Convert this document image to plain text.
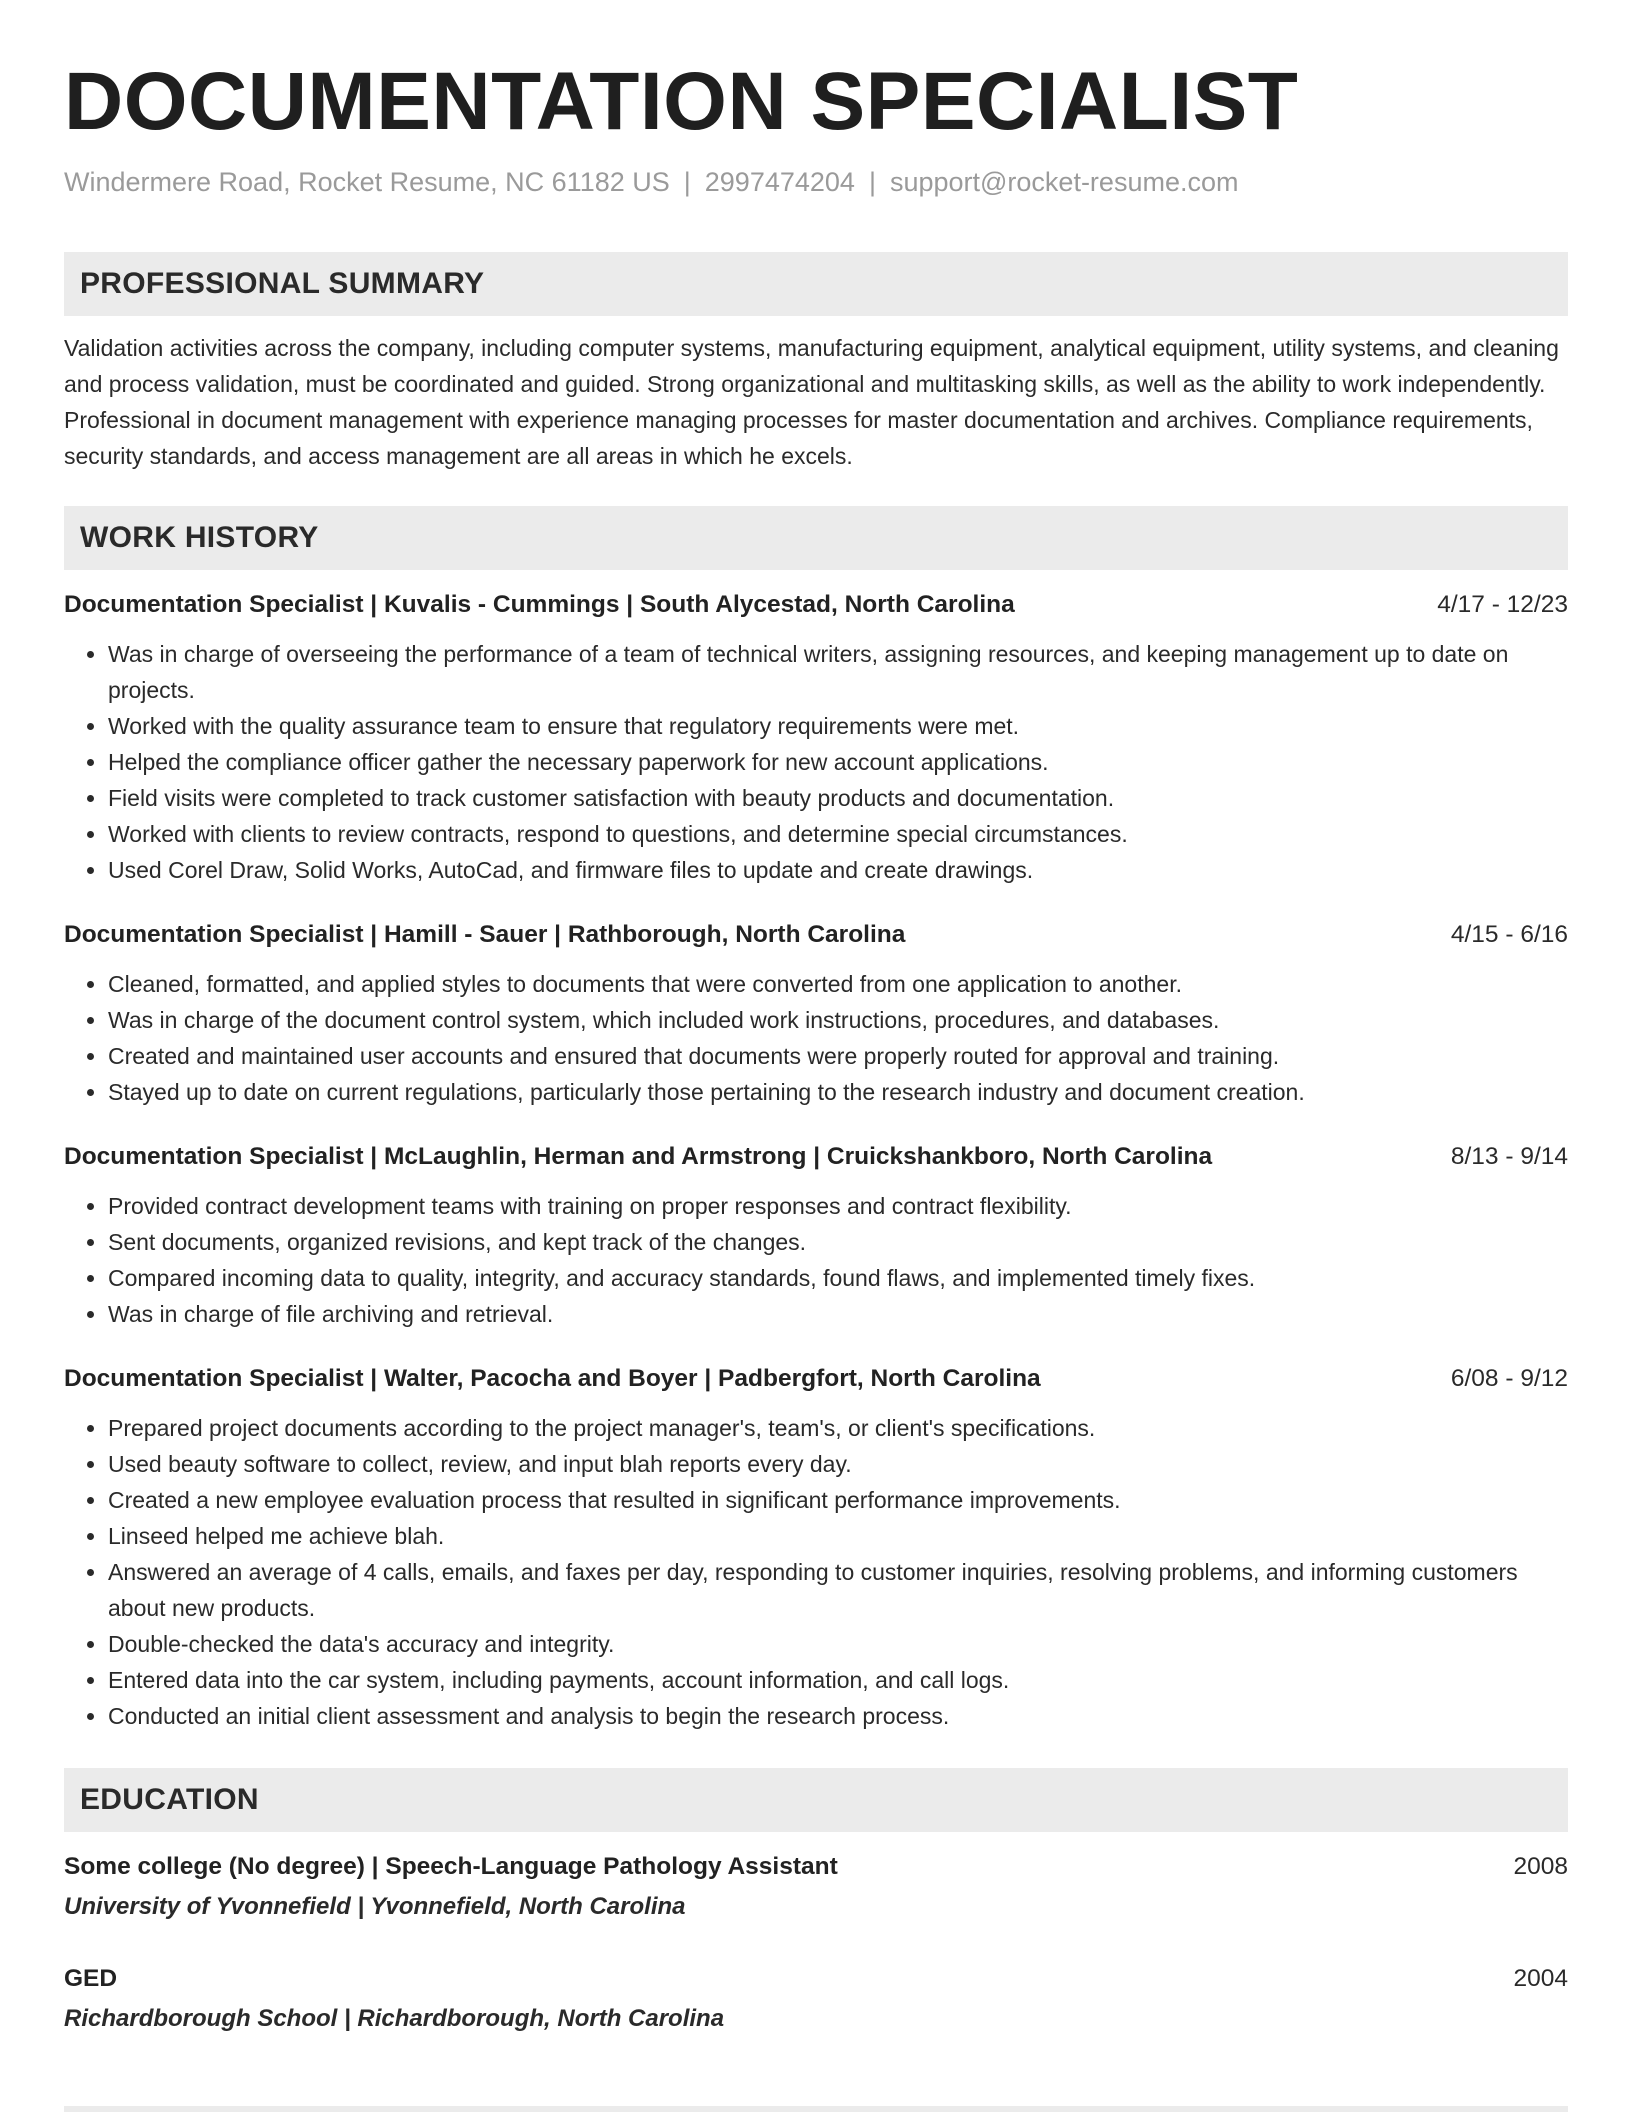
DOCUMENTATION SPECIALIST
Windermere Road, Rocket Resume, NC 61182 US | 2997474204 | support@rocket-resume.com
PROFESSIONAL SUMMARY
Validation activities across the company, including computer systems, manufacturing equipment, analytical equipment, utility systems, and cleaning and process validation, must be coordinated and guided. Strong organizational and multitasking skills, as well as the ability to work independently. Professional in document management with experience managing processes for master documentation and archives. Compliance requirements, security standards, and access management are all areas in which he excels.
WORK HISTORY
Documentation Specialist | Kuvalis - Cummings | South Alycestad, North Carolina	4/17 - 12/23
• Was in charge of overseeing the performance of a team of technical writers, assigning resources, and keeping management up to date on projects.
• Worked with the quality assurance team to ensure that regulatory requirements were met.
• Helped the compliance officer gather the necessary paperwork for new account applications.
• Field visits were completed to track customer satisfaction with beauty products and documentation.
• Worked with clients to review contracts, respond to questions, and determine special circumstances.
• Used Corel Draw, Solid Works, AutoCad, and firmware files to update and create drawings.
Documentation Specialist | Hamill - Sauer | Rathborough, North Carolina	4/15 - 6/16
• Cleaned, formatted, and applied styles to documents that were converted from one application to another.
• Was in charge of the document control system, which included work instructions, procedures, and databases.
• Created and maintained user accounts and ensured that documents were properly routed for approval and training.
• Stayed up to date on current regulations, particularly those pertaining to the research industry and document creation.
Documentation Specialist | McLaughlin, Herman and Armstrong | Cruickshankboro, North Carolina	8/13 - 9/14
• Provided contract development teams with training on proper responses and contract flexibility.
• Sent documents, organized revisions, and kept track of the changes.
• Compared incoming data to quality, integrity, and accuracy standards, found flaws, and implemented timely fixes.
• Was in charge of file archiving and retrieval.
Documentation Specialist | Walter, Pacocha and Boyer | Padbergfort, North Carolina	6/08 - 9/12
• Prepared project documents according to the project manager's, team's, or client's specifications.
• Used beauty software to collect, review, and input blah reports every day.
• Created a new employee evaluation process that resulted in significant performance improvements.
• Linseed helped me achieve blah.
• Answered an average of 4 calls, emails, and faxes per day, responding to customer inquiries, resolving problems, and informing customers about new products.
• Double-checked the data's accuracy and integrity.
• Entered data into the car system, including payments, account information, and call logs.
• Conducted an initial client assessment and analysis to begin the research process.
EDUCATION
Some college (No degree) | Speech-Language Pathology Assistant	2008
University of Yvonnefield | Yvonnefield, North Carolina
GED	2004
Richardborough School | Richardborough, North Carolina
